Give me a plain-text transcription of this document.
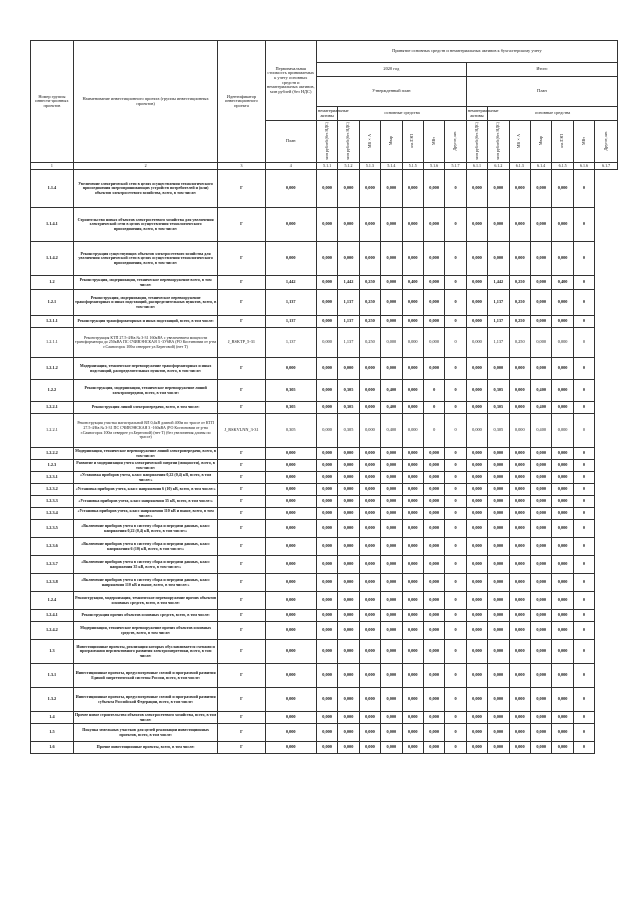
Номер группы инвести-ционных проектов	Наименование инвестиционного проекта (группы инвестиционных проектов)	Идентификатор инвестиционного проекта	Первоначальная стоимость принимаемых к учету основных средств и нематериальных активов, млн рублей (без НДС)	Принятие основных средств и нематериальных активов к бухгалтерскому учету													
				2020 год							Итого						
				Утвержденный план							План						
				нематериальные активы	основные средства						нематериальные активы	основные средства					
			План	млн рублей (без НДС)	млн рублей (без НДС)	МВ×А	Мвар	км ЛЭП	МВт	Другое, шт.	млн рублей (без НДС)	млн рублей (без НДС)	МВ×А	Мвар	км ЛЭП	МВт	Другое, шт.
1	2	3	4	5.1.1	5.1.2	5.1.3	5.1.4	5.1.5	5.1.6	5.1.7	6.1.1	6.1.2	6.1.3	6.1.4	6.1.5	6.1.6	6.1.7
1.1.4	Увеличение электрической сети в целях осуществления технологического присоединения энергопринимающих устройств потребителей и (или) объектов электросетевого хозяйства, всего, в том числе:	Г	0,000	0,000	0,000	0,000	0,000	0,000	0,000	0	0,000	0,000	0,000	0,000	0,000	0	
1.1.4.1	Строительство новых объектов электросетевого хозяйства для увеличения электрической сети в целях осуществления технологического присоединения, всего, в том числе:	Г	0,000	0,000	0,000	0,000	0,000	0,000	0,000	0	0,000	0,000	0,000	0,000	0,000	0	
1.1.4.2	Реконструкция существующих объектов электросетевого хозяйства для увеличения электрической сети в целях осуществления технологического присоединения, всего, в том числе:	Г	0,000	0,000	0,000	0,000	0,000	0,000	0,000	0	0,000	0,000	0,000	0,000	0,000	0	
1.2	Реконструкция, модернизация, техническое перевооружение всего, в том числе:	Г	1,442	0,000	1,442	0,250	0,000	0,400	0,000	0	0,000	1,442	0,250	0,000	0,400	0	
1.2.1	Реконструкция, модернизация, техническое перевооружение трансформаторных и иных подстанций, распределительных пунктов, всего, в том числе:	Г	1,137	0,000	1,137	0,250	0,000	0,000	0,000	0	0,000	1,137	0,250	0,000	0,000	0	
1.2.1.1	Реконструкция трансформаторных и иных подстанций, всего, в том числе:	Г	1,137	0,000	1,137	0,250	0,000	0,000	0,000	0	0,000	1,137	0,250	0,000	0,000	0	
1.2.1.1	Реконструкция КТП 27.5-4/Кв № 3-31 160кВА с увеличением мощности трансформатора до 250кВА ПС СЧИВЭНСКАЯ 3 -3У6ВА (РО Костиновии от р-на г.Саяногорск 100м северрее ул.Береговой) (нет Т)	J_RSKTP_5-31	1,137	0,000	1,137	0,250	0,000	0,000	0,000	0	0,000	1,137	0,250	0,000	0,000	0	
1.2.1.2	Модернизация, техническое перевооружение трансформаторных и иных подстанций, распределительных пунктов, всего, в том числе:	Г	0,000	0,000	0,000	0,000	0,000	0,000	0,000	0	0,000	0,000	0,000	0,000	0,000	0	
1.2.2	Реконструкция, модернизация, техническое перевооружение линий электропередачи, всего, в том числе:	Г	0,305	0,000	0,305	0,000	0,400	0,000	0	0	0,000	0,305	0,000	0,400	0,000	0	
1.2.2.1	Реконструкция линий электропередачи, всего, в том числе:	Г	0,305	0,000	0,305	0,000	0,400	0,000	0	0	0,000	0,305	0,000	0,400	0,000	0	
1.2.2.1	Реконструкция участка магистральной ВЛ 0,4кВ длиной 400м по трассе от КТП 27.5-4/Кв № 3-31 ПС СЧИВЭНСКАЯ 3 -160кВА (РО Костиновии от р-на г.Саяногорск 100м северрее ул.Береговой) (нет Т) (без увеличения длины по трассе)	J_RSKVLNN_3-31	0,305	0,000	0,305	0,000	0,400	0,000	0	0	0,000	0,305	0,000	0,400	0,000	0	
1.2.2.2	Модернизация, техническое перевооружение линий электропередачи, всего, в том числе:	Г	0,000	0,000	0,000	0,000	0,000	0,000	0,000	0	0,000	0,000	0,000	0,000	0,000	0	
1.2.3	Развитие и модернизация учета электрической энергии (мощности), всего, в том числе:	Г	0,000	0,000	0,000	0,000	0,000	0,000	0,000	0	0,000	0,000	0,000	0,000	0,000	0	
1.2.3.1	«Установка приборов учета, класс напряжения 0,22 (0,4) кВ, всего, в том числе:»	Г	0,000	0,000	0,000	0,000	0,000	0,000	0,000	0	0,000	0,000	0,000	0,000	0,000	0	
1.2.3.2	«Установка приборов учета, класс напряжения 6 (10) кВ, всего, в том числе:»	Г	0,000	0,000	0,000	0,000	0,000	0,000	0,000	0	0,000	0,000	0,000	0,000	0,000	0	
1.2.3.3	«Установка приборов учета, класс напряжения 35 кВ, всего, в том числе:»	Г	0,000	0,000	0,000	0,000	0,000	0,000	0,000	0	0,000	0,000	0,000	0,000	0,000	0	
1.2.3.4	«Установка приборов учета, класс напряжения 110 кВ и выше, всего, в том числе:»	Г	0,000	0,000	0,000	0,000	0,000	0,000	0,000	0	0,000	0,000	0,000	0,000	0,000	0	
1.2.3.5	«Включение приборов учета в систему сбора и передачи данных, класс напряжения 0,22 (0,4) кВ, всего, в том числе:»	Г	0,000	0,000	0,000	0,000	0,000	0,000	0,000	0	0,000	0,000	0,000	0,000	0,000	0	
1.2.3.6	«Включение приборов учета в систему сбора и передачи данных, класс напряжения 6 (10) кВ, всего, в том числе:»	Г	0,000	0,000	0,000	0,000	0,000	0,000	0,000	0	0,000	0,000	0,000	0,000	0,000	0	
1.2.3.7	«Включение приборов учета в систему сбора и передачи данных, класс напряжения 35 кВ, всего, в том числе:»	Г	0,000	0,000	0,000	0,000	0,000	0,000	0,000	0	0,000	0,000	0,000	0,000	0,000	0	
1.2.3.8	«Включение приборов учета в систему сбора и передачи данных, класс напряжения 110 кВ и выше, всего, в том числе:»	Г	0,000	0,000	0,000	0,000	0,000	0,000	0,000	0	0,000	0,000	0,000	0,000	0,000	0	
1.2.4	Реконструкция, модернизация, техническое перевооружение прочих объектов основных средств, всего, в том числе:	Г	0,000	0,000	0,000	0,000	0,000	0,000	0,000	0	0,000	0,000	0,000	0,000	0,000	0	
1.2.4.1	Реконструкция прочих объектов основных средств, всего, в том числе:	Г	0,000	0,000	0,000	0,000	0,000	0,000	0,000	0	0,000	0,000	0,000	0,000	0,000	0	
1.2.4.2	Модернизация, техническое перевооружение прочих объектов основных средств, всего, в том числе:	Г	0,000	0,000	0,000	0,000	0,000	0,000	0,000	0	0,000	0,000	0,000	0,000	0,000	0	
1.3	Инвестиционные проекты, реализация которых обуславливается схемами и программами перспективного развития электроэнергетики, всего, в том числе:	Г	0,000	0,000	0,000	0,000	0,000	0,000	0,000	0	0,000	0,000	0,000	0,000	0,000	0	
1.3.1	Инвестиционные проекты, предусмотренные схемой и программой развития Единой энергетической системы России, всего, в том числе:	Г	0,000	0,000	0,000	0,000	0,000	0,000	0,000	0	0,000	0,000	0,000	0,000	0,000	0	
1.3.2	Инвестиционные проекты, предусмотренные схемой и программой развития субъекта Российской Федерации, всего, в том числе:	Г	0,000	0,000	0,000	0,000	0,000	0,000	0,000	0	0,000	0,000	0,000	0,000	0,000	0	
1.4	Прочее новое строительство объектов электросетевого хозяйства, всего, в том числе:	Г	0,000	0,000	0,000	0,000	0,000	0,000	0,000	0	0,000	0,000	0,000	0,000	0,000	0	
1.5	Покупка земельных участков для целей реализации инвестиционных проектов, всего, в том числе:	Г	0,000	0,000	0,000	0,000	0,000	0,000	0,000	0	0,000	0,000	0,000	0,000	0,000	0	
1.6	Прочие инвестиционные проекты, всего, в том числе:	Г	0,000	0,000	0,000	0,000	0,000	0,000	0,000	0	0,000	0,000	0,000	0,000	0,000	0	
